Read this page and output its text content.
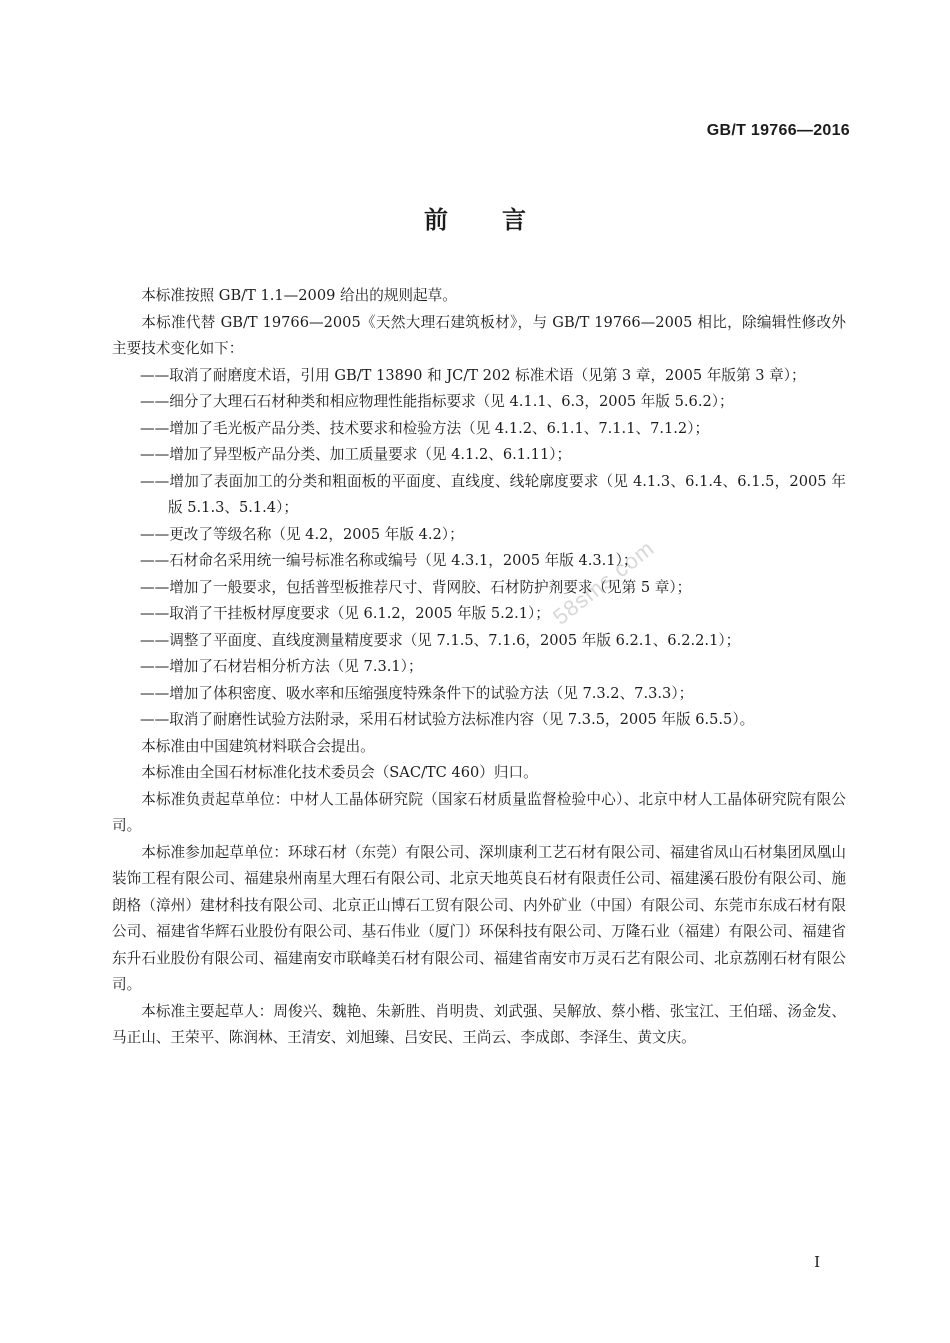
GB/T 19766—2016
前言
58sms.com

本标准按照 GB/T 1.1—2009 给出的规则起草。

本标准代替 GB/T 19766—2005《天然大理石建筑板材》，与 GB/T 19766—2005 相比，除编辑性修改外主要技术变化如下：

——取消了耐磨度术语，引用 GB/T 13890 和 JC/T 202 标准术语（见第 3 章，2005 年版第 3 章）；

——细分了大理石石材种类和相应物理性能指标要求（见 4.1.1、6.3，2005 年版 5.6.2）；

——增加了毛光板产品分类、技术要求和检验方法（见 4.1.2、6.1.1、7.1.1、7.1.2）；

——增加了异型板产品分类、加工质量要求（见 4.1.2、6.1.11）；

——增加了表面加工的分类和粗面板的平面度、直线度、线轮廓度要求（见 4.1.3、6.1.4、6.1.5，2005 年版 5.1.3、5.1.4）；

——更改了等级名称（见 4.2，2005 年版 4.2）；

——石材命名采用统一编号标准名称或编号（见 4.3.1，2005 年版 4.3.1）；

——增加了一般要求，包括普型板推荐尺寸、背网胶、石材防护剂要求（见第 5 章）；

——取消了干挂板材厚度要求（见 6.1.2，2005 年版 5.2.1）；

——调整了平面度、直线度测量精度要求（见 7.1.5、7.1.6，2005 年版 6.2.1、6.2.2.1）；

——增加了石材岩相分析方法（见 7.3.1）；

——增加了体积密度、吸水率和压缩强度特殊条件下的试验方法（见 7.3.2、7.3.3）；

——取消了耐磨性试验方法附录，采用石材试验方法标准内容（见 7.3.5，2005 年版 6.5.5）。

本标准由中国建筑材料联合会提出。

本标准由全国石材标准化技术委员会（SAC/TC 460）归口。

本标准负责起草单位：中材人工晶体研究院（国家石材质量监督检验中心）、北京中材人工晶体研究院有限公司。

本标准参加起草单位：环球石材（东莞）有限公司、深圳康利工艺石材有限公司、福建省凤山石材集团凤凰山装饰工程有限公司、福建泉州南星大理石有限公司、北京天地英良石材有限责任公司、福建溪石股份有限公司、施朗格（漳州）建材科技有限公司、北京正山博石工贸有限公司、内外矿业（中国）有限公司、东莞市东成石材有限公司、福建省华辉石业股份有限公司、基石伟业（厦门）环保科技有限公司、万隆石业（福建）有限公司、福建省东升石业股份有限公司、福建南安市联峰美石材有限公司、福建省南安市万灵石艺有限公司、北京荔刚石材有限公司。

本标准主要起草人：周俊兴、魏艳、朱新胜、肖明贵、刘武强、吴解放、蔡小楷、张宝江、王伯瑶、汤金发、马正山、王荣平、陈润林、王清安、刘旭臻、吕安民、王尚云、李成郎、李泽生、黄文庆。

I
